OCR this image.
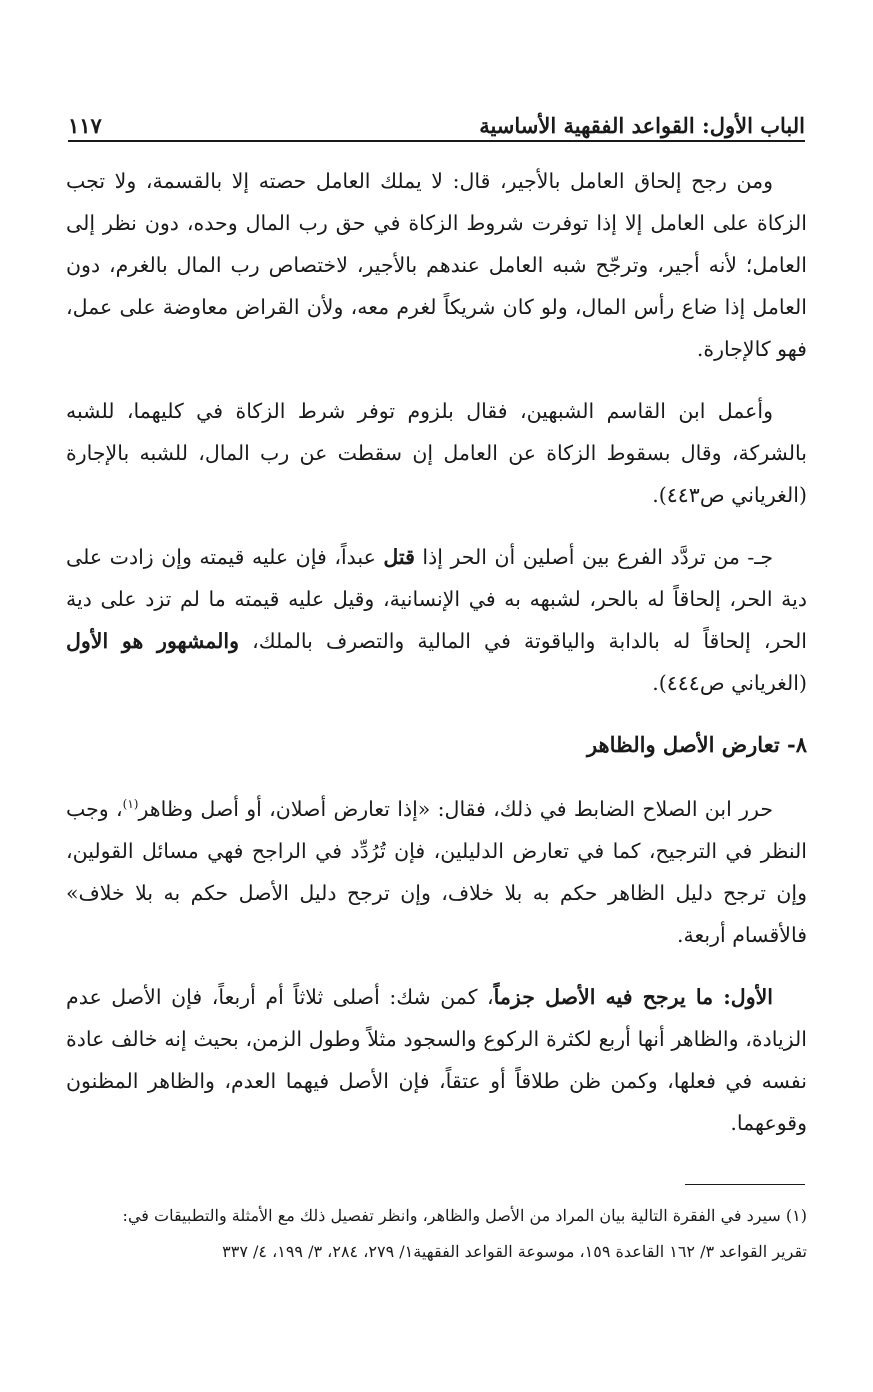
الباب الأول: القواعد الفقهية الأساسية
١١٧

ومن رجح إلحاق العامل بالأجير، قال: لا يملك العامل حصته إلا بالقسمة، ولا تجب الزكاة على العامل إلا إذا توفرت شروط الزكاة في حق رب المال وحده، دون نظر إلى العامل؛ لأنه أجير، وترجّح شبه العامل عندهم بالأجير، لاختصاص رب المال بالغرم، دون العامل إذا ضاع رأس المال، ولو كان شريكاً لغرم معه، ولأن القراض معاوضة على عمل، فهو كالإجارة.

وأعمل ابن القاسم الشبهين، فقال بلزوم توفر شرط الزكاة في كليهما، للشبه بالشركة، وقال بسقوط الزكاة عن العامل إن سقطت عن رب المال، للشبه بالإجارة (الغرياني ص٤٤٣).

جـ- من تردَّد الفرع بين أصلين أن الحر إذا قتل عبداً، فإن عليه قيمته وإن زادت على دية الحر، إلحاقاً له بالحر، لشبهه به في الإنسانية، وقيل عليه قيمته ما لم تزد على دية الحر، إلحاقاً له بالدابة والياقوتة في المالية والتصرف بالملك، والمشهور هو الأول (الغرياني ص٤٤٤).

٨- تعارض الأصل والظاهر

حرر ابن الصلاح الضابط في ذلك، فقال: «إذا تعارض أصلان، أو أصل وظاهر$^{(١)}$، وجب النظر في الترجيح، كما في تعارض الدليلين، فإن تُرُدِّد في الراجح فهي مسائل القولين، وإن ترجح دليل الظاهر حكم به بلا خلاف، وإن ترجح دليل الأصل حكم به بلا خلاف» فالأقسام أربعة.

الأول: ما يرجح فيه الأصل جزماً، كمن شك: أصلى ثلاثاً أم أربعاً، فإن الأصل عدم الزيادة، والظاهر أنها أربع لكثرة الركوع والسجود مثلاً وطول الزمن، بحيث إنه خالف عادة نفسه في فعلها، وكمن ظن طلاقاً أو عتقاً، فإن الأصل فيهما العدم، والظاهر المظنون وقوعهما.

(١) سيرد في الفقرة التالية بيان المراد من الأصل والظاهر، وانظر تفصيل ذلك مع الأمثلة والتطبيقات في:

تقرير القواعد ٣/ ١٦٢ القاعدة ١٥٩، موسوعة القواعد الفقهية١/ ٢٧٩، ٢٨٤، ٣/ ١٩٩، ٤/ ٣٣٧
